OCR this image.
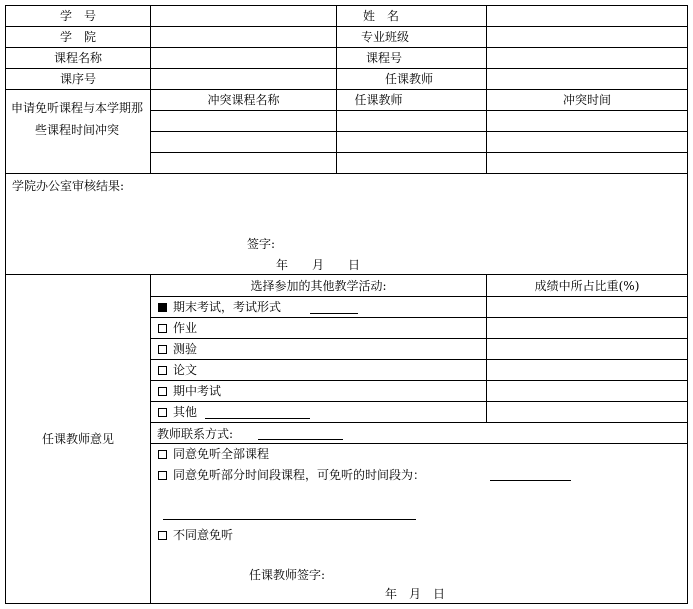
学　号	姓　名
学　院	专业班级
课程名称	课程号
课序号	任课教师
申请免听课程与本学期那些课程时间冲突
冲突课程名称	任课教师	冲突时间
学院办公室审核结果:
签字:
年　　月　　日
任课教师意见
选择参加的其他教学活动:	成绩中所占比重(%)
期末考试，考试形式
作业
测验
论文
期中考试
其他
教师联系方式:
同意免听全部课程
同意免听部分时间段课程，可免听的时间段为：
不同意免听
任课教师签字:
年　月　日
